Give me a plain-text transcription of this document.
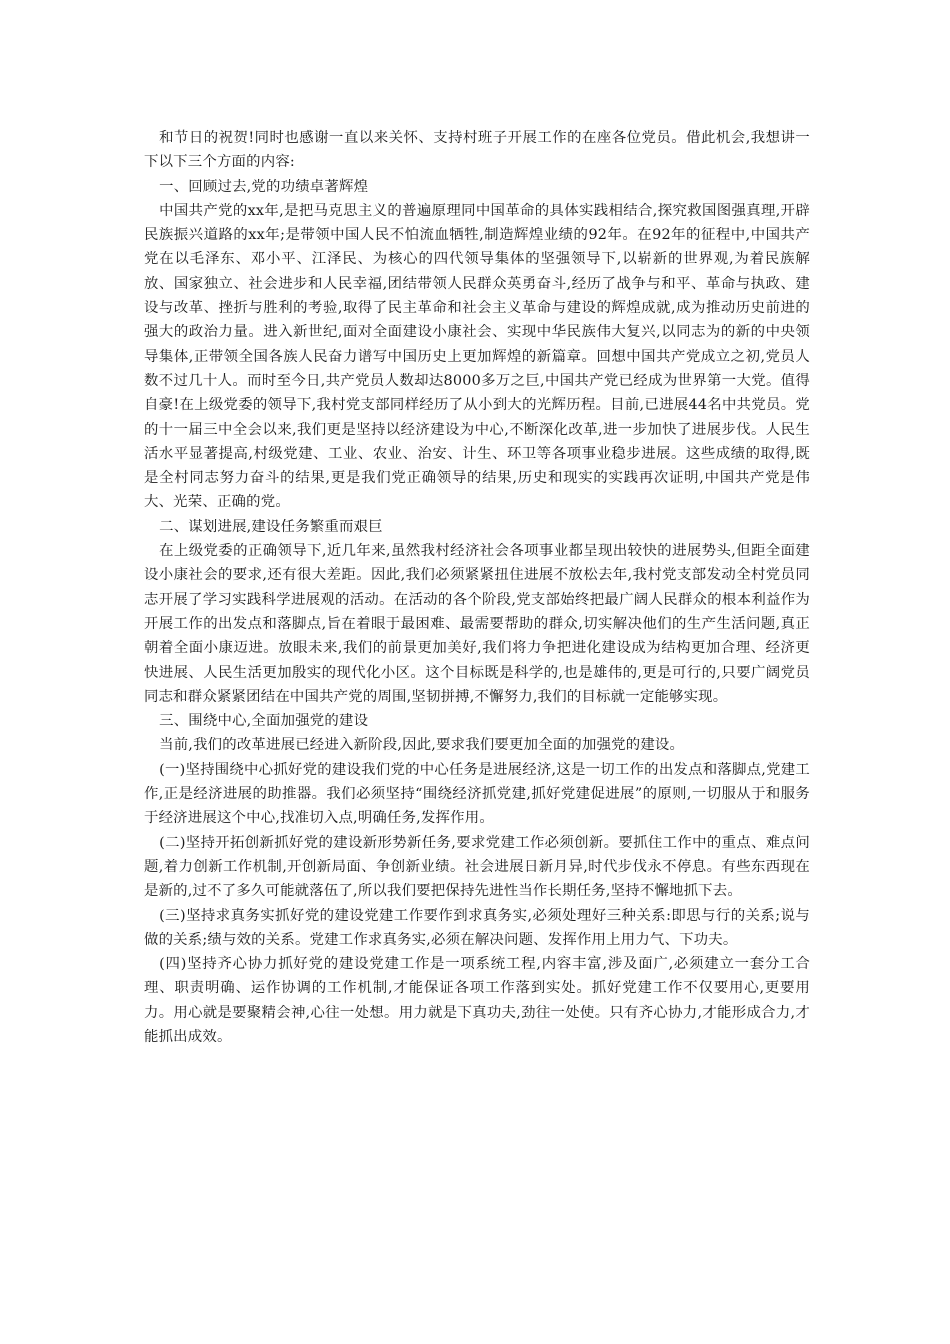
和节日的祝贺!同时也感谢一直以来关怀、支持村班子开展工作的在座各位党员。借此机会,我想讲一下以下三个方面的内容:

一、回顾过去,党的功绩卓著辉煌

中国共产党的xx年,是把马克思主义的普遍原理同中国革命的具体实践相结合,探究救国图强真理,开辟民族振兴道路的xx年;是带领中国人民不怕流血牺牲,制造辉煌业绩的92年。在92年的征程中,中国共产党在以毛泽东、邓小平、江泽民、为核心的四代领导集体的坚强领导下,以崭新的世界观,为着民族解放、国家独立、社会进步和人民幸福,团结带领人民群众英勇奋斗,经历了战争与和平、革命与执政、建设与改革、挫折与胜利的考验,取得了民主革命和社会主义革命与建设的辉煌成就,成为推动历史前进的强大的政治力量。进入新世纪,面对全面建设小康社会、实现中华民族伟大复兴,以同志为的新的中央领导集体,正带领全国各族人民奋力谱写中国历史上更加辉煌的新篇章。回想中国共产党成立之初,党员人数不过几十人。而时至今日,共产党员人数却达8000多万之巨,中国共产党已经成为世界第一大党。值得自豪!在上级党委的领导下,我村党支部同样经历了从小到大的光辉历程。目前,已进展44名中共党员。党的十一届三中全会以来,我们更是坚持以经济建设为中心,不断深化改革,进一步加快了进展步伐。人民生活水平显著提高,村级党建、工业、农业、治安、计生、环卫等各项事业稳步进展。这些成绩的取得,既是全村同志努力奋斗的结果,更是我们党正确领导的结果,历史和现实的实践再次证明,中国共产党是伟大、光荣、正确的党。

二、谋划进展,建设任务繁重而艰巨

在上级党委的正确领导下,近几年来,虽然我村经济社会各项事业都呈现出较快的进展势头,但距全面建设小康社会的要求,还有很大差距。因此,我们必须紧紧扭住进展不放松去年,我村党支部发动全村党员同志开展了学习实践科学进展观的活动。在活动的各个阶段,党支部始终把最广阔人民群众的根本利益作为开展工作的出发点和落脚点,旨在着眼于最困难、最需要帮助的群众,切实解决他们的生产生活问题,真正朝着全面小康迈进。放眼未来,我们的前景更加美好,我们将力争把进化建设成为结构更加合理、经济更快进展、人民生活更加殷实的现代化小区。这个目标既是科学的,也是雄伟的,更是可行的,只要广阔党员同志和群众紧紧团结在中国共产党的周围,坚韧拼搏,不懈努力,我们的目标就一定能够实现。

三、围绕中心,全面加强党的建设

当前,我们的改革进展已经进入新阶段,因此,要求我们要更加全面的加强党的建设。

(一)坚持围绕中心抓好党的建设我们党的中心任务是进展经济,这是一切工作的出发点和落脚点,党建工作,正是经济进展的助推器。我们必须坚持“围绕经济抓党建,抓好党建促进展”的原则,一切服从于和服务于经济进展这个中心,找准切入点,明确任务,发挥作用。

(二)坚持开拓创新抓好党的建设新形势新任务,要求党建工作必须创新。要抓住工作中的重点、难点问题,着力创新工作机制,开创新局面、争创新业绩。社会进展日新月异,时代步伐永不停息。有些东西现在是新的,过不了多久可能就落伍了,所以我们要把保持先进性当作长期任务,坚持不懈地抓下去。

(三)坚持求真务实抓好党的建设党建工作要作到求真务实,必须处理好三种关系:即思与行的关系;说与做的关系;绩与效的关系。党建工作求真务实,必须在解决问题、发挥作用上用力气、下功夫。

(四)坚持齐心协力抓好党的建设党建工作是一项系统工程,内容丰富,涉及面广,必须建立一套分工合理、职责明确、运作协调的工作机制,才能保证各项工作落到实处。抓好党建工作不仅要用心,更要用力。用心就是要聚精会神,心往一处想。用力就是下真功夫,劲往一处使。只有齐心协力,才能形成合力,才能抓出成效。
